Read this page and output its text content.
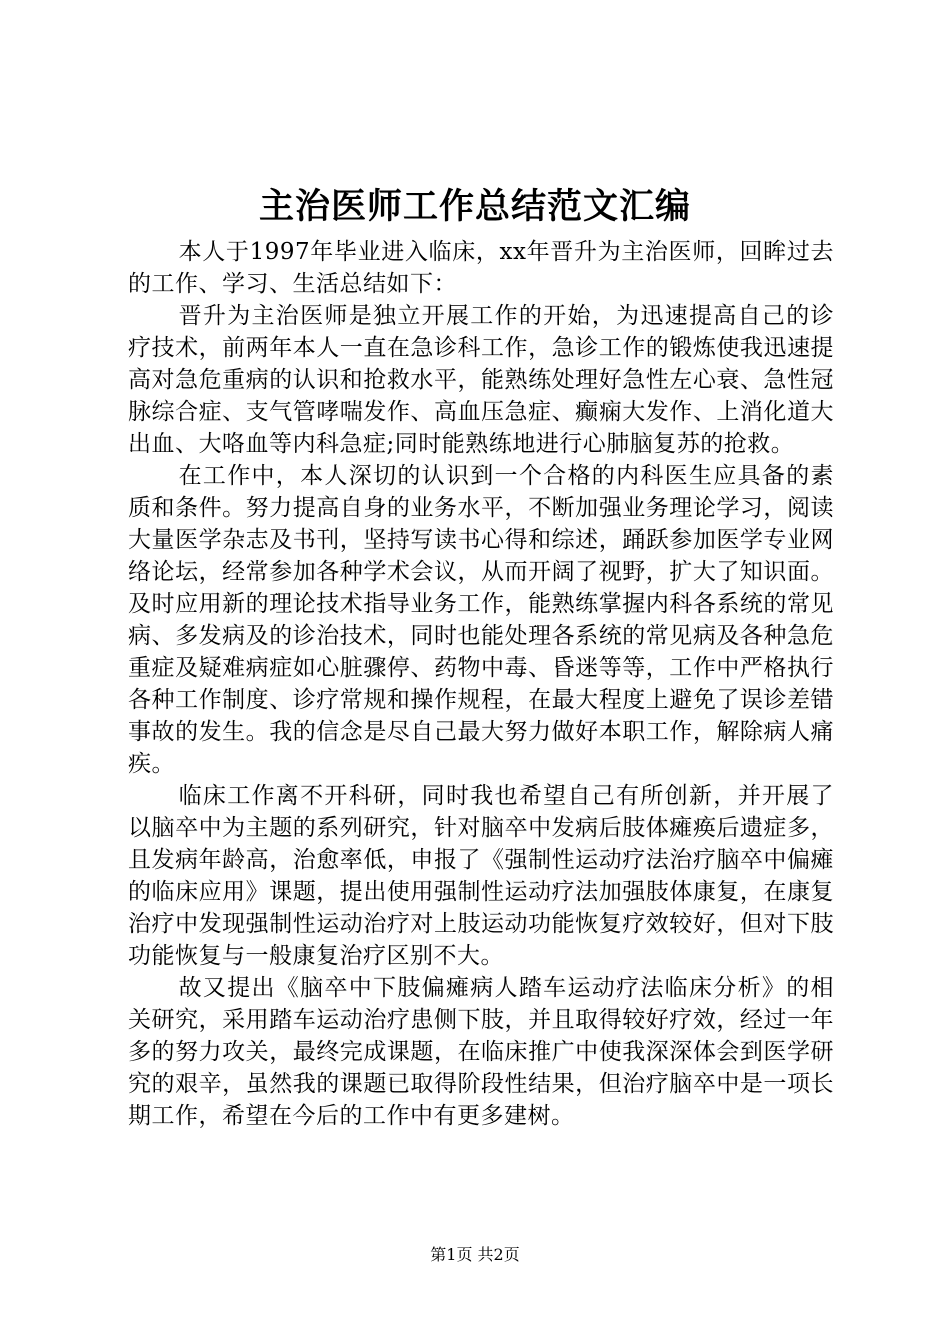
主治医师工作总结范文汇编

本人于1997年毕业进入临床，xx年晋升为主治医师，回眸过去的工作、学习、生活总结如下：

晋升为主治医师是独立开展工作的开始，为迅速提高自己的诊疗技术，前两年本人一直在急诊科工作，急诊工作的锻炼使我迅速提高对急危重病的认识和抢救水平，能熟练处理好急性左心衰、急性冠脉综合症、支气管哮喘发作、高血压急症、癫痫大发作、上消化道大出血、大咯血等内科急症;同时能熟练地进行心肺脑复苏的抢救。

在工作中，本人深切的认识到一个合格的内科医生应具备的素质和条件。努力提高自身的业务水平，不断加强业务理论学习，阅读大量医学杂志及书刊，坚持写读书心得和综述，踊跃参加医学专业网络论坛，经常参加各种学术会议，从而开阔了视野，扩大了知识面。及时应用新的理论技术指导业务工作，能熟练掌握内科各系统的常见病、多发病及的诊治技术，同时也能处理各系统的常见病及各种急危重症及疑难病症如心脏骤停、药物中毒、昏迷等等，工作中严格执行各种工作制度、诊疗常规和操作规程，在最大程度上避免了误诊差错事故的发生。我的信念是尽自己最大努力做好本职工作，解除病人痛疾。

临床工作离不开科研，同时我也希望自己有所创新，并开展了以脑卒中为主题的系列研究，针对脑卒中发病后肢体瘫痪后遗症多，且发病年龄高，治愈率低，申报了《强制性运动疗法治疗脑卒中偏瘫的临床应用》课题，提出使用强制性运动疗法加强肢体康复，在康复治疗中发现强制性运动治疗对上肢运动功能恢复疗效较好，但对下肢功能恢复与一般康复治疗区别不大。

故又提出《脑卒中下肢偏瘫病人踏车运动疗法临床分析》的相关研究，采用踏车运动治疗患侧下肢，并且取得较好疗效，经过一年多的努力攻关，最终完成课题，在临床推广中使我深深体会到医学研究的艰辛，虽然我的课题已取得阶段性结果，但治疗脑卒中是一项长期工作，希望在今后的工作中有更多建树。

第1页 共2页
